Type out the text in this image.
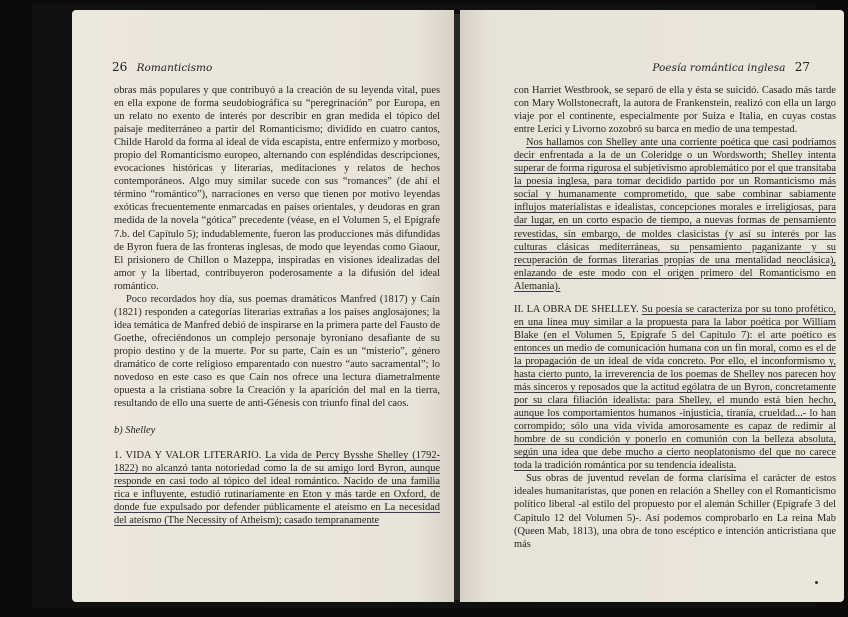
26 Romanticismo

obras más populares y que contribuyó a la creación de su leyenda vital, pues en ella expone de forma seudobiográfica su “peregrinación” por Europa, en un relato no exento de interés por describir en gran medida el tópico del paisaje mediterráneo a partir del Romanticismo; dividido en cuatro cantos, Childe Harold da forma al ideal de vida escapista, entre enfermizo y morboso, propio del Romanticismo europeo, alternando con espléndidas descripciones, evocaciones históricas y literarias, meditaciones y relatos de hechos contemporáneos. Algo muy similar sucede con sus “romances” (de ahí el término “romántico”), narraciones en verso que tienen por motivo leyendas exóticas frecuentemente enmarcadas en países orientales, y deudoras en gran medida de la novela “gótica” precedente (véase, en el Volumen 5, el Epígrafe 7.b. del Capítulo 5); indudablemente, fueron las producciones más difundidas de Byron fuera de las fronteras inglesas, de modo que leyendas como Giaour, El prisionero de Chillon o Mazeppa, inspiradas en visiones idealizadas del amor y la libertad, contribuyeron poderosamente a la difusión del ideal romántico.

Poco recordados hoy día, sus poemas dramáticos Manfred (1817) y Caín (1821) responden a categorías literarias extrañas a los países anglosajones; la idea temática de Manfred debió de inspirarse en la primera parte del Fausto de Goethe, ofreciéndonos un complejo personaje byroniano desafiante de su propio destino y de la muerte. Por su parte, Caín es un “misterio”, género dramático de corte religioso emparentado con nuestro “auto sacramental”; lo novedoso en este caso es que Caín nos ofrece una lectura diametralmente opuesta a la cristiana sobre la Creación y la aparición del mal en la tierra, resultando de ello una suerte de anti-Génesis con triunfo final del caos.

b) Shelley

1. VIDA Y VALOR LITERARIO. La vida de Percy Bysshe Shelley (1792-1822) no alcanzó tanta notoriedad como la de su amigo lord Byron, aunque responde en casi todo al tópico del ideal romántico. Nacido de una familia rica e influyente, estudió rutinariamente en Eton y más tarde en Oxford, de donde fue expulsado por defender públicamente el ateísmo en La necesidad del ateísmo (The Necessity of Atheism); casado tempranamente

Poesía romántica inglesa 27

con Harriet Westbrook, se separó de ella y ésta se suicidó. Casado más tarde con Mary Wollstonecraft, la autora de Frankenstein, realizó con ella un largo viaje por el continente, especialmente por Suiza e Italia, en cuyas costas entre Lerici y Livorno zozobró su barca en medio de una tempestad.

Nos hallamos con Shelley ante una corriente poética que casi podríamos decir enfrentada a la de un Coleridge o un Wordsworth; Shelley intenta superar de forma rigurosa el subjetivismo aproblemático por el que transitaba la poesía inglesa, para tomar decidido partido por un Romanticismo más social y humanamente comprometido, que sabe combinar sabiamente influjos materialistas e idealistas, concepciones morales e irreligiosas, para dar lugar, en un corto espacio de tiempo, a nuevas formas de pensamiento revestidas, sin embargo, de moldes clasicistas (y así su interés por las culturas clásicas mediterráneas, su pensamiento paganizante y su recuperación de formas literarias propias de una mentalidad neoclásica), enlazando de este modo con el origen primero del Romanticismo en Alemania).

II. LA OBRA DE SHELLEY. Su poesía se caracteriza por su tono profético, en una línea muy similar a la propuesta para la labor poética por William Blake (en el Volumen 5, Epígrafe 5 del Capítulo 7): el arte poético es entonces un medio de comunicación humana con un fin moral, como es el de la propagación de un ideal de vida concreto. Por ello, el inconformismo y, hasta cierto punto, la irreverencia de los poemas de Shelley nos parecen hoy más sinceros y reposados que la actitud ególatra de un Byron, concretamente por su clara filiación idealista: para Shelley, el mundo está bien hecho, aunque los comportamientos humanos -injusticia, tiranía, crueldad...- lo han corrompido; sólo una vida vivida amorosamente es capaz de redimir al hombre de su condición y ponerlo en comunión con la belleza absoluta, según una idea que debe mucho a cierto neoplatonismo del que no carece toda la tradición romántica por su tendencia idealista.

Sus obras de juventud revelan de forma clarísima el carácter de estos ideales humanitaristas, que ponen en relación a Shelley con el Romanticismo político liberal -al estilo del propuesto por el alemán Schiller (Epígrafe 3 del Capítulo 12 del Volumen 5)-. Así podemos comprobarlo en La reina Mab (Queen Mab, 1813), una obra de tono escéptico e intención anticristiana que más
